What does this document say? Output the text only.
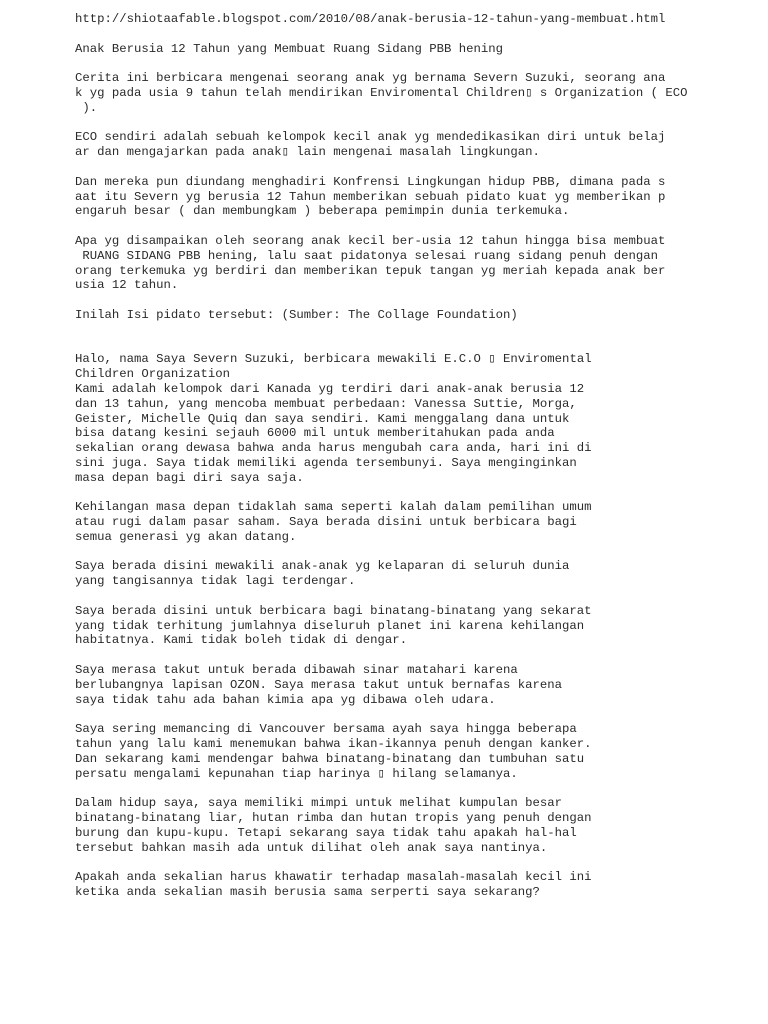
http://shiotaafable.blogspot.com/2010/08/anak-berusia-12-tahun-yang-membuat.html
Anak Berusia 12 Tahun yang Membuat Ruang Sidang PBB hening
Cerita ini berbicara mengenai seorang anak yg bernama Severn Suzuki, seorang ana
k yg pada usia 9 tahun telah mendirikan Enviromental Children▯ s Organization ( ECO
).
ECO sendiri adalah sebuah kelompok kecil anak yg mendedikasikan diri untuk belaj
ar dan mengajarkan pada anak▯ lain mengenai masalah lingkungan.
Dan mereka pun diundang menghadiri Konfrensi Lingkungan hidup PBB, dimana pada s
aat itu Severn yg berusia 12 Tahun memberikan sebuah pidato kuat yg memberikan p
engaruh besar ( dan membungkam ) beberapa pemimpin dunia terkemuka.
Apa yg disampaikan oleh seorang anak kecil ber-usia 12 tahun hingga bisa membuat
RUANG SIDANG PBB hening, lalu saat pidatonya selesai ruang sidang penuh dengan
orang terkemuka yg berdiri dan memberikan tepuk tangan yg meriah kepada anak ber
usia 12 tahun.
Inilah Isi pidato tersebut: (Sumber: The Collage Foundation)
Halo, nama Saya Severn Suzuki, berbicara mewakili E.C.O ▯ Enviromental
Children Organization
Kami adalah kelompok dari Kanada yg terdiri dari anak-anak berusia 12
dan 13 tahun, yang mencoba membuat perbedaan: Vanessa Suttie, Morga,
Geister, Michelle Quiq dan saya sendiri. Kami menggalang dana untuk
bisa datang kesini sejauh 6000 mil untuk memberitahukan pada anda
sekalian orang dewasa bahwa anda harus mengubah cara anda, hari ini di
sini juga. Saya tidak memiliki agenda tersembunyi. Saya menginginkan
masa depan bagi diri saya saja.
Kehilangan masa depan tidaklah sama seperti kalah dalam pemilihan umum
atau rugi dalam pasar saham. Saya berada disini untuk berbicara bagi
semua generasi yg akan datang.
Saya berada disini mewakili anak-anak yg kelaparan di seluruh dunia
yang tangisannya tidak lagi terdengar.
Saya berada disini untuk berbicara bagi binatang-binatang yang sekarat
yang tidak terhitung jumlahnya diseluruh planet ini karena kehilangan
habitatnya. Kami tidak boleh tidak di dengar.
Saya merasa takut untuk berada dibawah sinar matahari karena
berlubangnya lapisan OZON. Saya merasa takut untuk bernafas karena
saya tidak tahu ada bahan kimia apa yg dibawa oleh udara.
Saya sering memancing di Vancouver bersama ayah saya hingga beberapa
tahun yang lalu kami menemukan bahwa ikan-ikannya penuh dengan kanker.
Dan sekarang kami mendengar bahwa binatang-binatang dan tumbuhan satu
persatu mengalami kepunahan tiap harinya ▯ hilang selamanya.
Dalam hidup saya, saya memiliki mimpi untuk melihat kumpulan besar
binatang-binatang liar, hutan rimba dan hutan tropis yang penuh dengan
burung dan kupu-kupu. Tetapi sekarang saya tidak tahu apakah hal-hal
tersebut bahkan masih ada untuk dilihat oleh anak saya nantinya.
Apakah anda sekalian harus khawatir terhadap masalah-masalah kecil ini
ketika anda sekalian masih berusia sama serperti saya sekarang?
